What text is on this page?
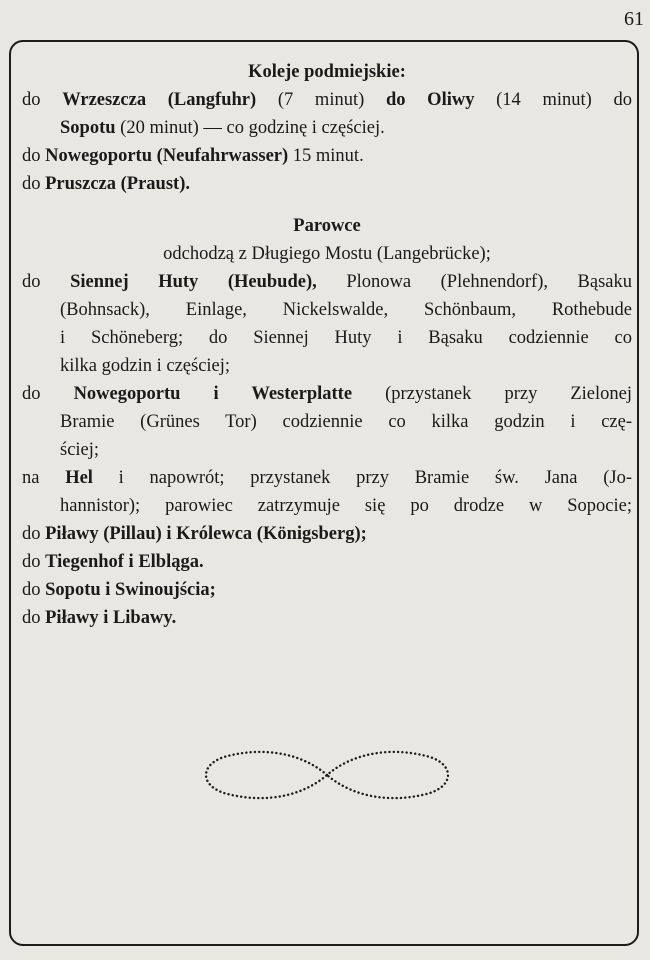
61
Koleje podmiejskie:
do Wrzeszcza (Langfuhr) (7 minut) do Oliwy (14 minut) do
Sopotu (20 minut) — co godzinę i częściej.
do Nowegoportu (Neufahrwasser) 15 minut.
do Pruszcza (Praust).
Parowce
odchodzą z Długiego Mostu (Langebrücke);
do Siennej Huty (Heubude), Plonowa (Plehnendorf), Bąsaku
(Bohnsack), Einlage, Nickelswalde, Schönbaum, Rothebude
i Schöneberg; do Siennej Huty i Bąsaku codziennie co
kilka godzin i częściej;
do Nowegoportu i Westerplatte (przystanek przy Zielonej
Bramie (Grünes Tor) codziennie co kilka godzin i czę-
ściej;
na Hel i napowrót; przystanek przy Bramie św. Jana (Jo-
hannistor); parowiec zatrzymuje się po drodze w Sopocie;
do Piławy (Pillau) i Królewca (Königsberg);
do Tiegenhof i Elbląga.
do Sopotu i Swinoujścia;
do Piławy i Libawy.
